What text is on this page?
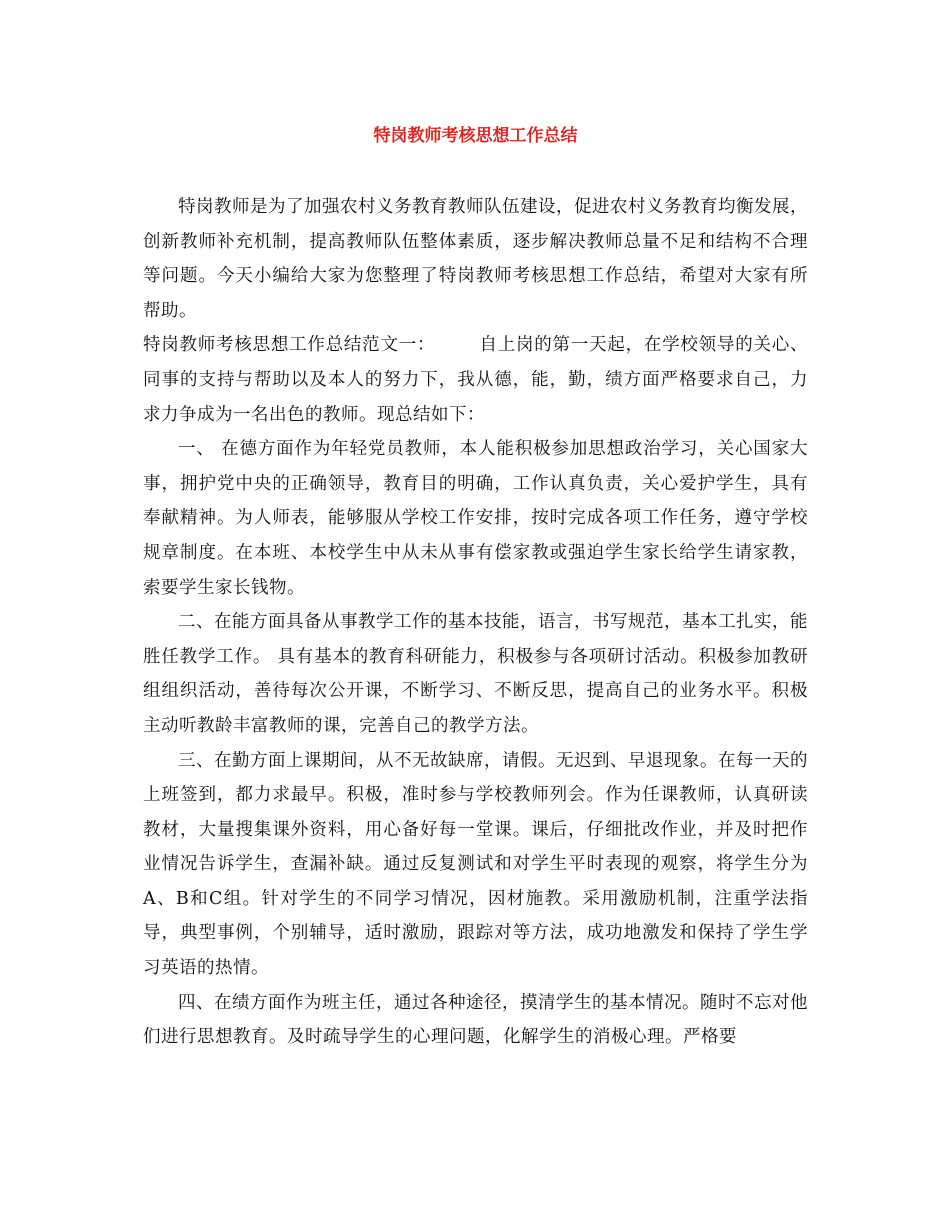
特岗教师考核思想工作总结

特岗教师是为了加强农村义务教育教师队伍建设，促进农村义务教育均衡发展，创新教师补充机制，提高教师队伍整体素质，逐步解决教师总量不足和结构不合理等问题。今天小编给大家为您整理了特岗教师考核思想工作总结，希望对大家有所帮助。

特岗教师考核思想工作总结范文一：	自上岗的第一天起，在学校领导的关心、同事的支持与帮助以及本人的努力下，我从德，能，勤，绩方面严格要求自己，力求力争成为一名出色的教师。现总结如下：

一、 在德方面作为年轻党员教师，本人能积极参加思想政治学习，关心国家大事，拥护党中央的正确领导，教育目的明确，工作认真负责，关心爱护学生，具有奉献精神。为人师表，能够服从学校工作安排，按时完成各项工作任务，遵守学校规章制度。在本班、本校学生中从未从事有偿家教或强迫学生家长给学生请家教，索要学生家长钱物。

二、在能方面具备从事教学工作的基本技能，语言，书写规范，基本工扎实，能胜任教学工作。 具有基本的教育科研能力，积极参与各项研讨活动。积极参加教研组组织活动，善待每次公开课，不断学习、不断反思，提高自己的业务水平。积极主动听教龄丰富教师的课，完善自己的教学方法。

三、在勤方面上课期间，从不无故缺席，请假。无迟到、早退现象。在每一天的上班签到，都力求最早。积极，准时参与学校教师列会。作为任课教师，认真研读教材，大量搜集课外资料，用心备好每一堂课。课后，仔细批改作业，并及时把作业情况告诉学生，查漏补缺。通过反复测试和对学生平时表现的观察，将学生分为A、B和C组。针对学生的不同学习情况，因材施教。采用激励机制，注重学法指导，典型事例，个别辅导，适时激励，跟踪对等方法，成功地激发和保持了学生学习英语的热情。

四、在绩方面作为班主任，通过各种途径，摸清学生的基本情况。随时不忘对他们进行思想教育。及时疏导学生的心理问题，化解学生的消极心理。严格要
